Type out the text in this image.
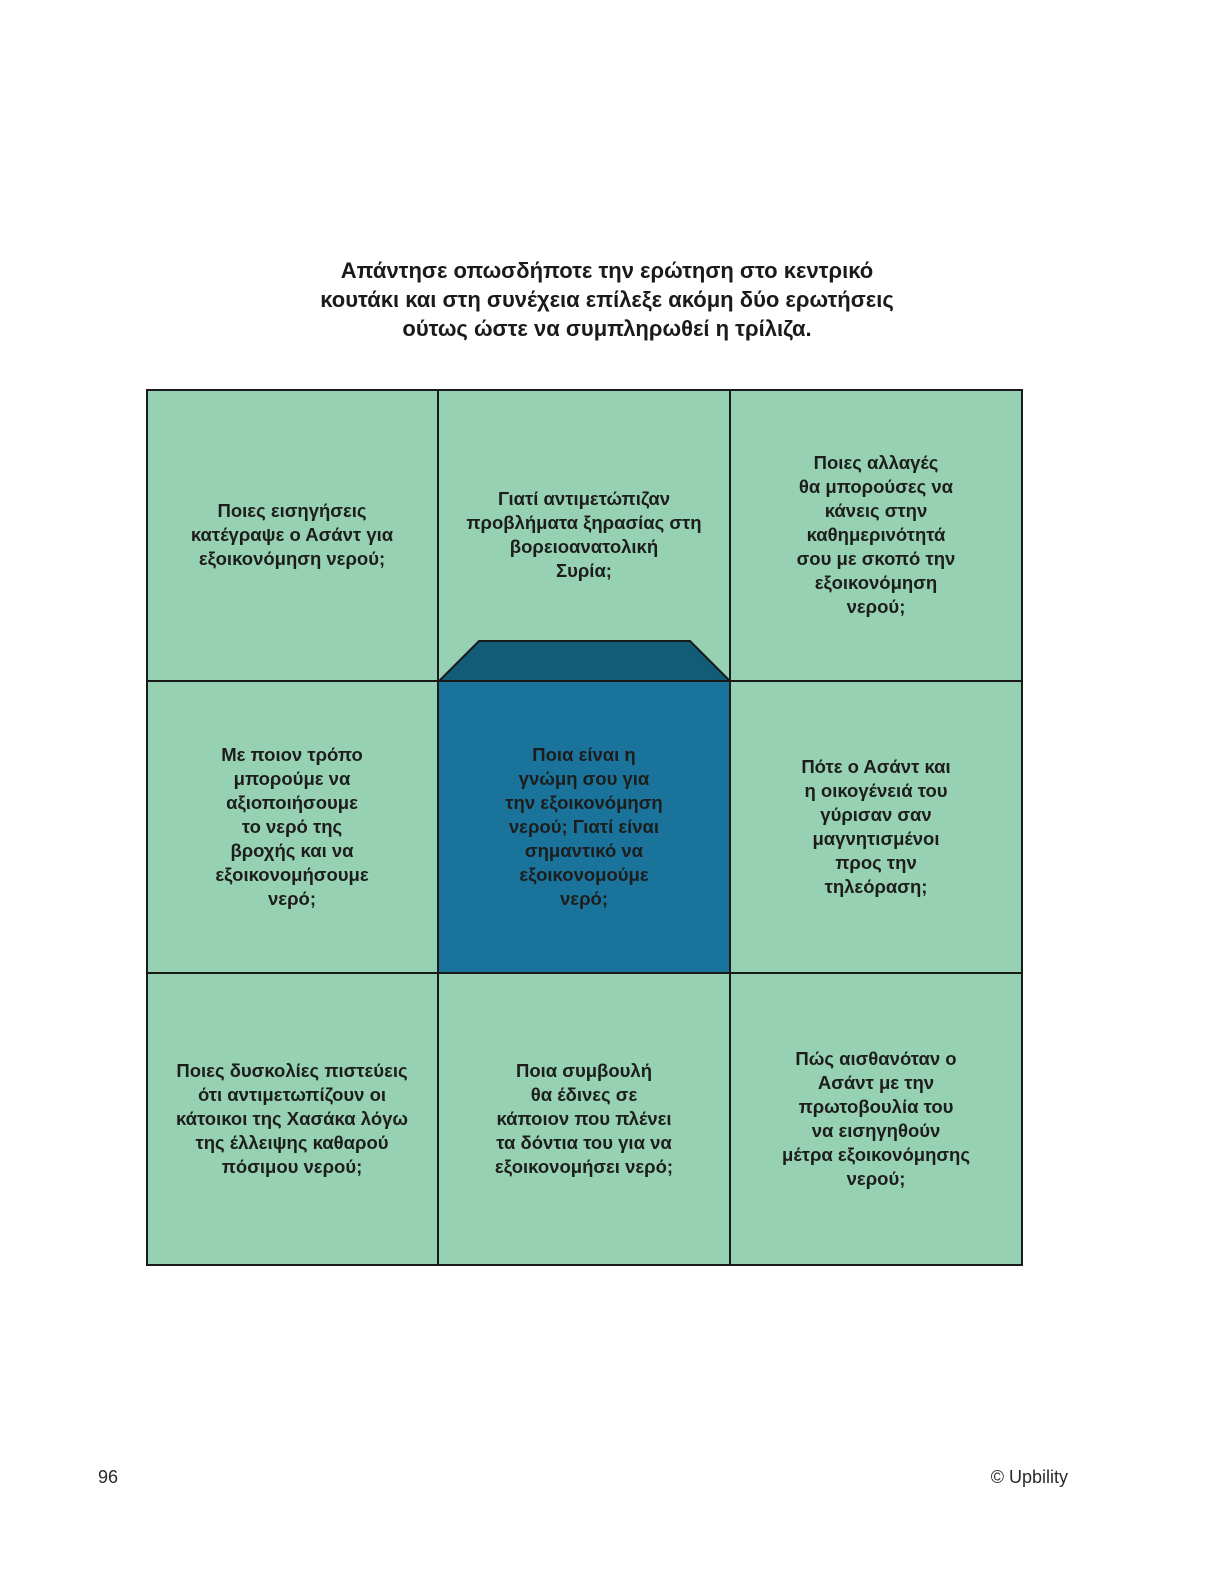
Απάντησε οπωσδήποτε την ερώτηση στο κεντρικό
κουτάκι και στη συνέχεια επίλεξε ακόμη δύο ερωτήσεις
ούτως ώστε να συμπληρωθεί η τρίλιζα.
Ποιες εισηγήσεις
κατέγραψε ο Ασάντ για
εξοικονόμηση νερού;
Γιατί αντιμετώπιζαν
προβλήματα ξηρασίας στη
βορειοανατολική
Συρία;
Ποιες αλλαγές
θα μπορούσες να
κάνεις στην
καθημερινότητά
σου με σκοπό την
εξοικονόμηση
νερού;
Με ποιον τρόπο
μπορούμε να
αξιοποιήσουμε
το νερό της
βροχής και να
εξοικονομήσουμε
νερό;
Ποια είναι η
γνώμη σου για
την εξοικονόμηση
νερού; Γιατί είναι
σημαντικό να
εξοικονομούμε
νερό;
Πότε ο Ασάντ και
η οικογένειά του
γύρισαν σαν
μαγνητισμένοι
προς την
τηλεόραση;
Ποιες δυσκολίες πιστεύεις
ότι αντιμετωπίζουν οι
κάτοικοι της Χασάκα λόγω
της έλλειψης καθαρού
πόσιμου νερού;
Ποια συμβουλή
θα έδινες σε
κάποιον που πλένει
τα δόντια του για να
εξοικονομήσει νερό;
Πώς αισθανόταν ο
Ασάντ με την
πρωτοβουλία του
να εισηγηθούν
μέτρα εξοικονόμησης
νερού;
96	© Upbility
